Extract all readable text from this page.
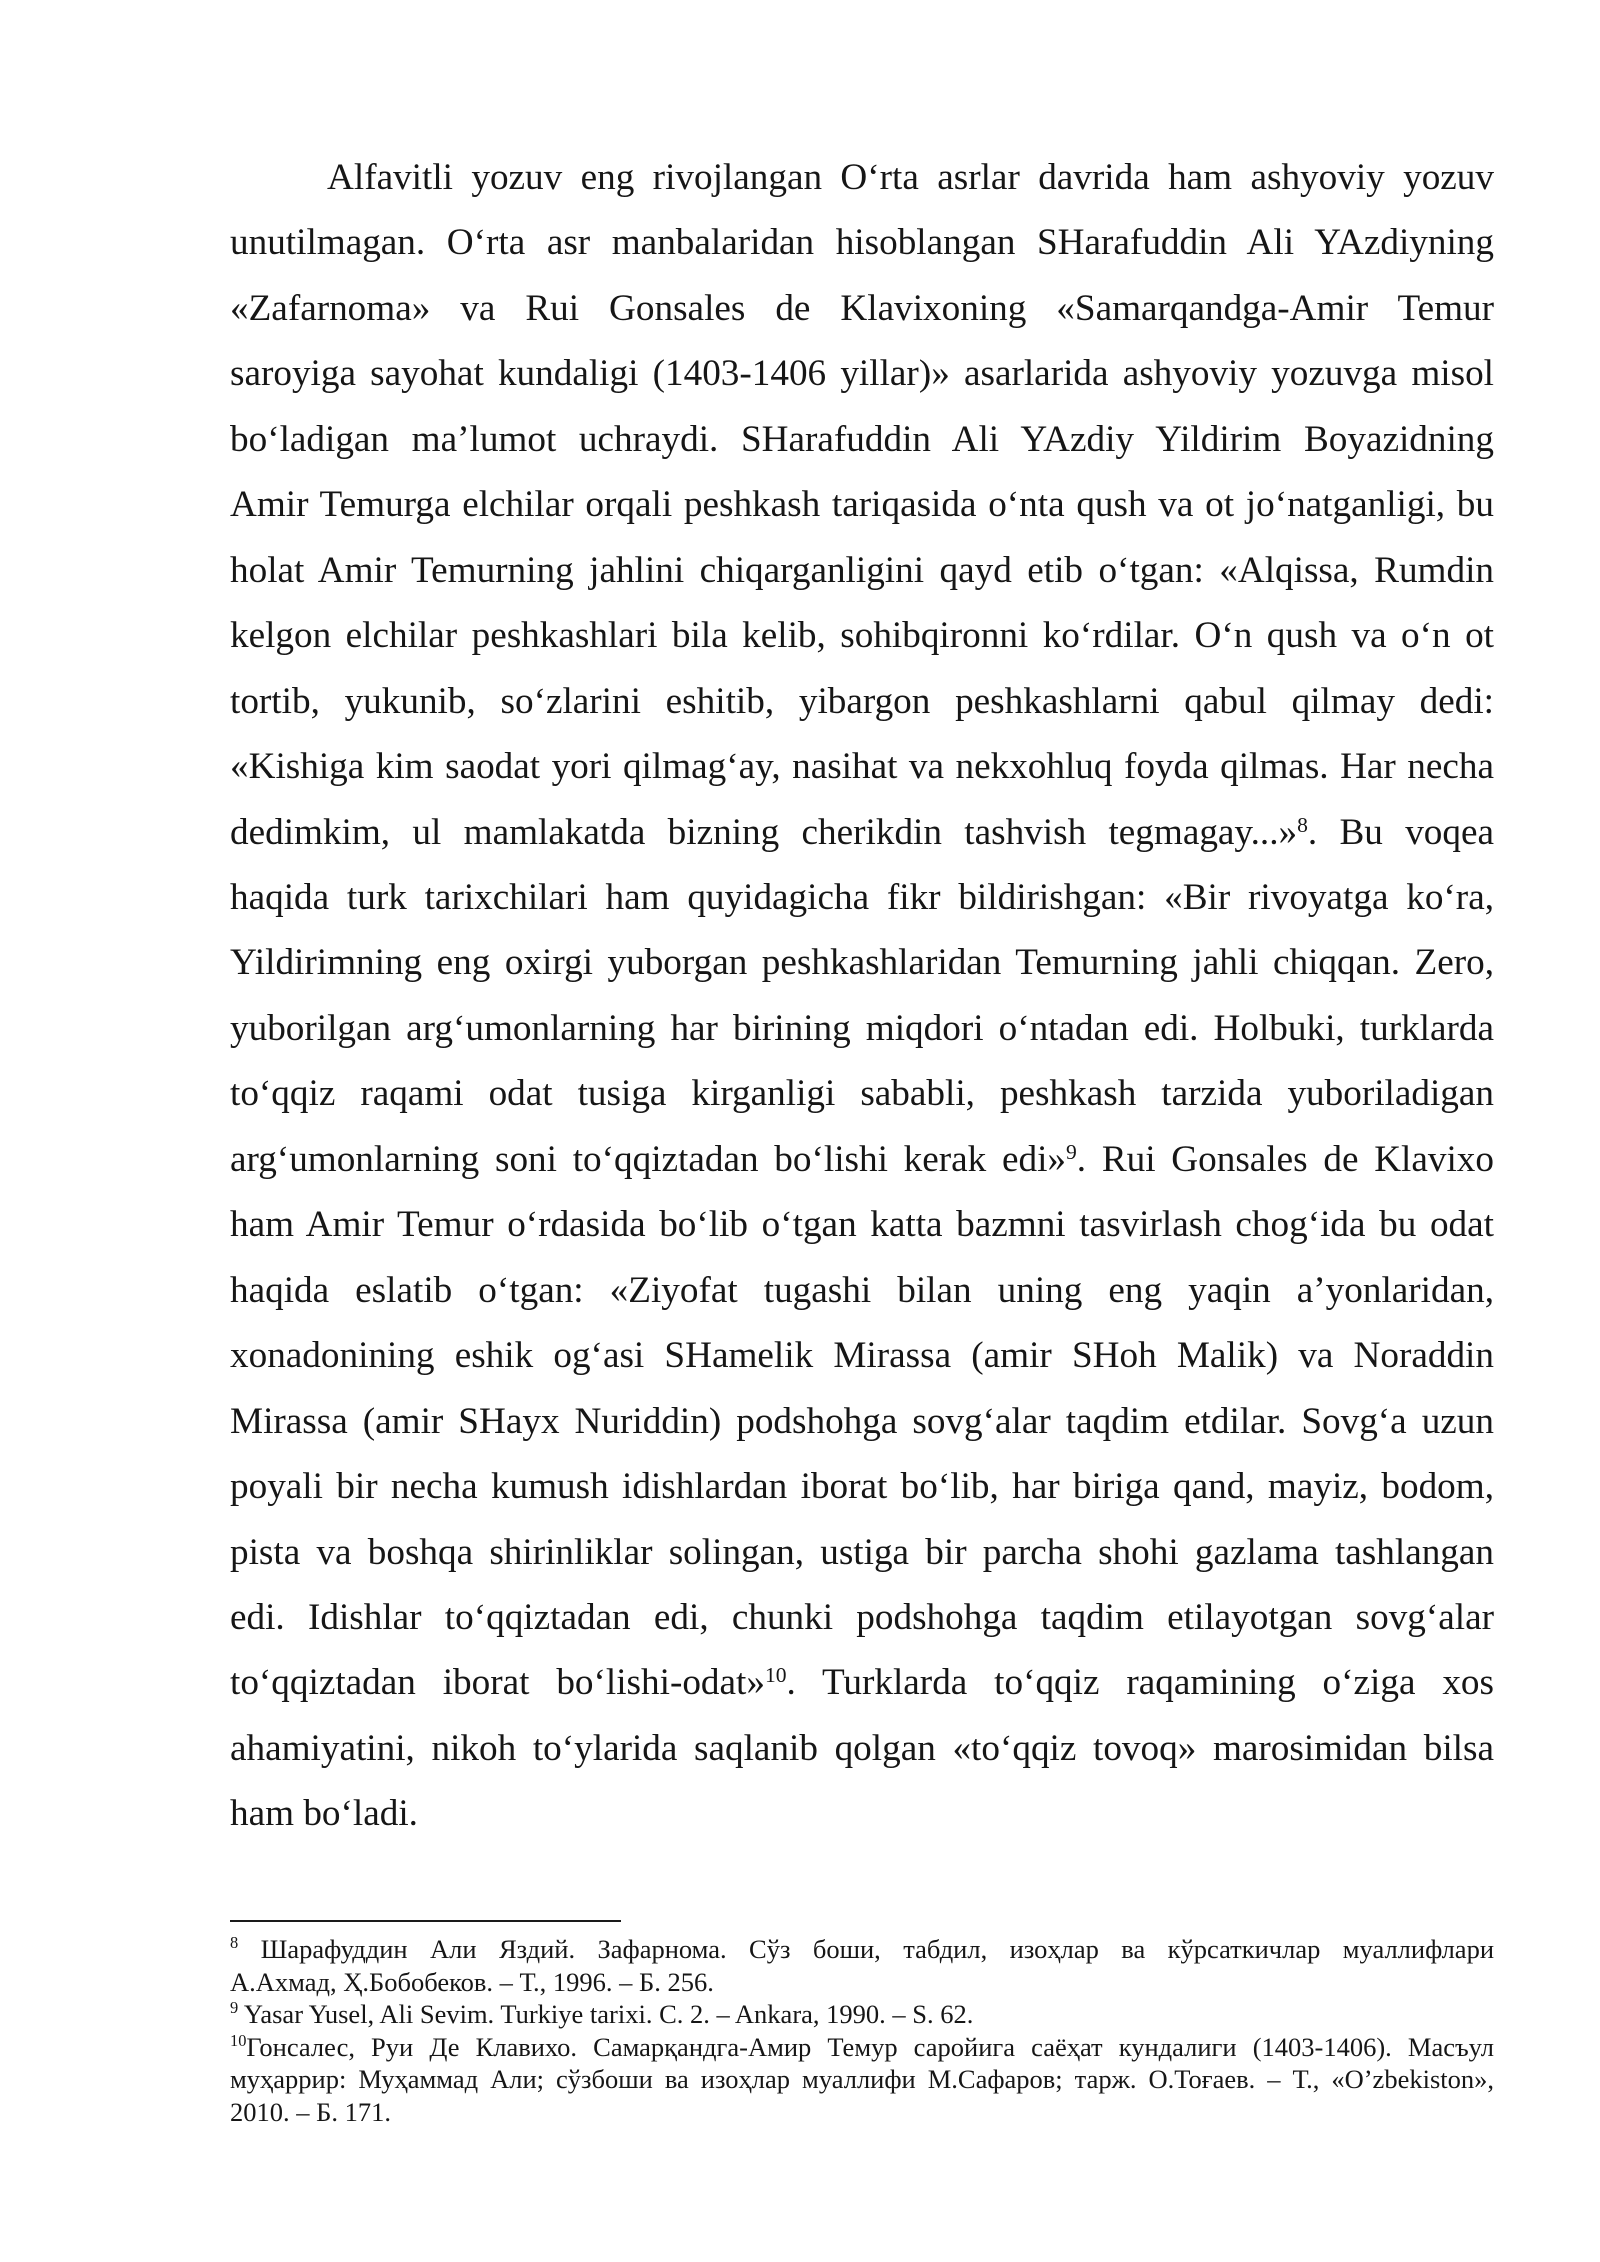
Alfavitli yozuv eng rivojlangan O‘rta asrlar davrida ham ashyoviy yozuv
unutilmagan. O‘rta asr manbalaridan hisoblangan SHarafuddin Ali YAzdiyning
«Zafarnoma» va Rui Gonsales de Klavixoning «Samarqandga-Amir Temur
saroyiga sayohat kundaligi (1403-1406 yillar)» asarlarida ashyoviy yozuvga misol
bo‘ladigan ma’lumot uchraydi. SHarafuddin Ali YAzdiy Yildirim Boyazidning
Amir Temurga elchilar orqali peshkash tariqasida o‘nta qush va ot jo‘natganligi, bu
holat Amir Temurning jahlini chiqarganligini qayd etib o‘tgan: «Alqissa, Rumdin
kelgon elchilar peshkashlari bila kelib, sohibqironni ko‘rdilar. O‘n qush va o‘n ot
tortib, yukunib, so‘zlarini eshitib, yibargon peshkashlarni qabul qilmay dedi:
«Kishiga kim saodat yori qilmag‘ay, nasihat va nekxohluq foyda qilmas. Har necha
dedimkim, ul mamlakatda bizning cherikdin tashvish tegmagay...»$^8$. Bu voqea
haqida turk tarixchilari ham quyidagicha fikr bildirishgan: «Bir rivoyatga ko‘ra,
Yildirimning eng oxirgi yuborgan peshkashlaridan Temurning jahli chiqqan. Zero,
yuborilgan arg‘umonlarning har birining miqdori o‘ntadan edi. Holbuki, turklarda
to‘qqiz raqami odat tusiga kirganligi sababli, peshkash tarzida yuboriladigan
arg‘umonlarning soni to‘qqiztadan bo‘lishi kerak edi»$^9$. Rui Gonsales de Klavixo
ham Amir Temur o‘rdasida bo‘lib o‘tgan katta bazmni tasvirlash chog‘ida bu odat
haqida eslatib o‘tgan: «Ziyofat tugashi bilan uning eng yaqin a’yonlaridan,
xonadonining eshik og‘asi SHamelik Mirassa (amir SHoh Malik) va Noraddin
Mirassa (amir SHayx Nuriddin) podshohga sovg‘alar taqdim etdilar. Sovg‘a uzun
poyali bir necha kumush idishlardan iborat bo‘lib, har biriga qand, mayiz, bodom,
pista va boshqa shirinliklar solingan, ustiga bir parcha shohi gazlama tashlangan
edi. Idishlar to‘qqiztadan edi, chunki podshohga taqdim etilayotgan sovg‘alar
to‘qqiztadan iborat bo‘lishi-odat»$^{10}$. Turklarda to‘qqiz raqamining o‘ziga xos
ahamiyatini, nikoh to‘ylarida saqlanib qolgan «to‘qqiz tovoq» marosimidan bilsa
ham bo‘ladi.
$^8$ Шарафуддин Али Яздий. Зафарнома. Сўз боши, табдил, изоҳлар ва кўрсаткичлар муаллифлари
А.Ахмад, Ҳ.Бобобеков. – Т., 1996. – Б. 256.
$^9$ Yasar Yusel, Ali Sevim. Turkiye tarixi. C. 2. – Ankara, 1990. – S. 62.
$^{10}$Гонсалес, Руи Де Клавихо. Самарқандга-Амир Темур саройига саёҳат кундалиги (1403-1406). Масъул
муҳаррир: Муҳаммад Али; сўзбоши ва изоҳлар муаллифи М.Сафаров; тарж. О.Тоғаев. – Т., «O’zbekiston»,
2010. – Б. 171.
